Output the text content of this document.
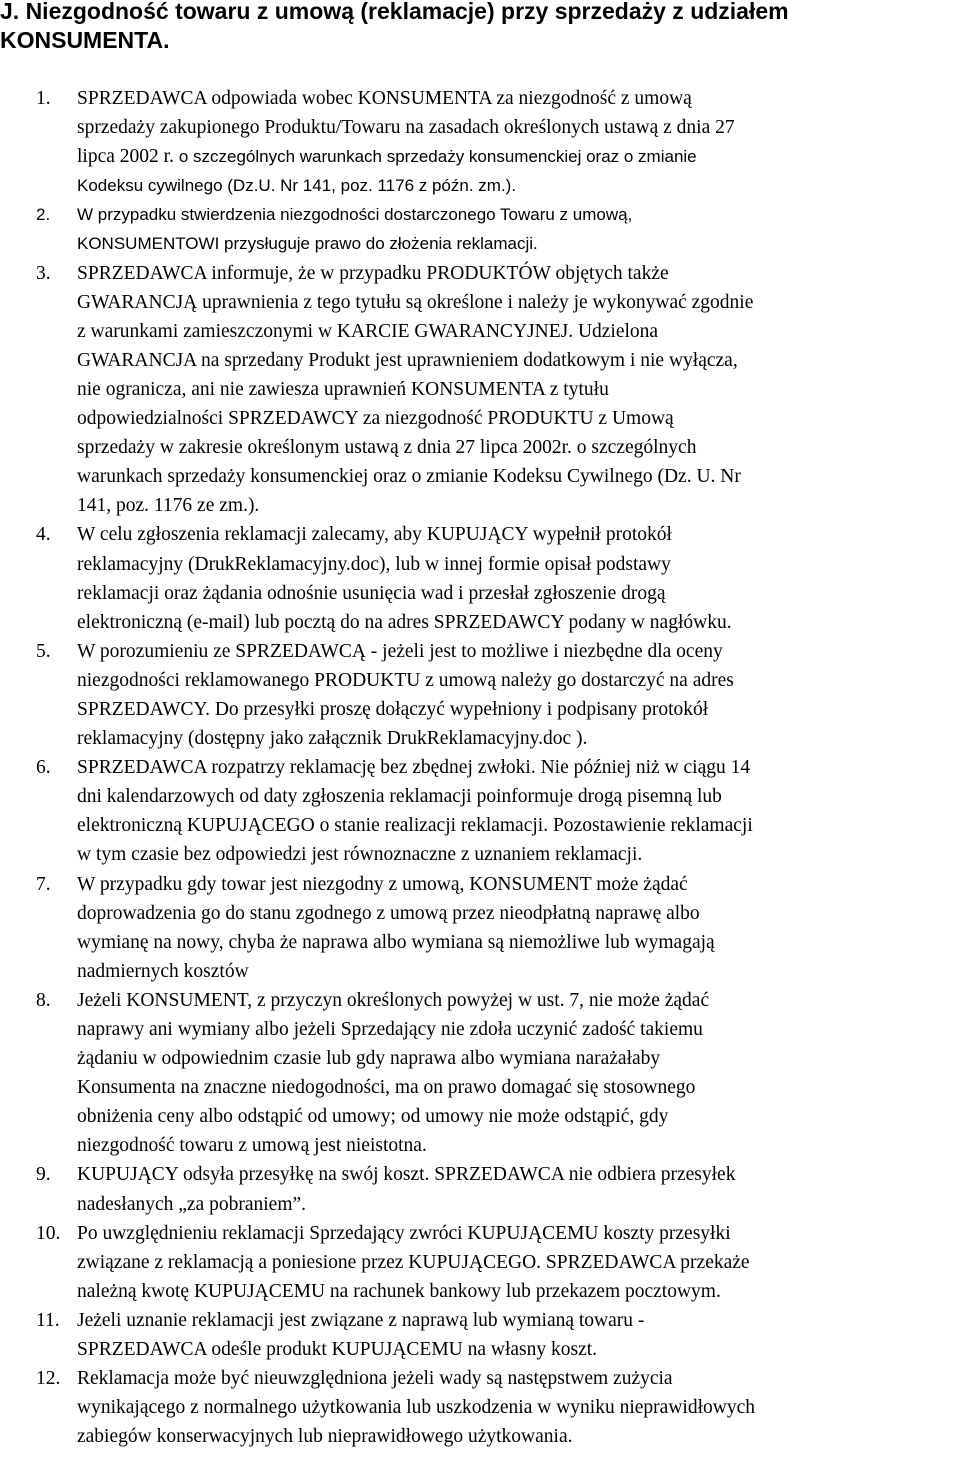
J. Niezgodność towaru z umową (reklamacje) przy sprzedaży z udziałem
KONSUMENTA.
1. SPRZEDAWCA odpowiada wobec KONSUMENTA za niezgodność z umową
sprzedaży zakupionego Produktu/Towaru na zasadach określonych ustawą z dnia 27
lipca 2002 r. o szczególnych warunkach sprzedaży konsumenckiej oraz o zmianie
Kodeksu cywilnego (Dz.U. Nr 141, poz. 1176 z późn. zm.).
2. W przypadku stwierdzenia niezgodności dostarczonego Towaru z umową,
KONSUMENTOWI przysługuje prawo do złożenia reklamacji.
3. SPRZEDAWCA informuje, że w przypadku PRODUKTÓW objętych także
GWARANCJĄ uprawnienia z tego tytułu są określone i należy je wykonywać zgodnie
z warunkami zamieszczonymi w KARCIE GWARANCYJNEJ. Udzielona
GWARANCJA na sprzedany Produkt jest uprawnieniem dodatkowym i nie wyłącza,
nie ogranicza, ani nie zawiesza uprawnień KONSUMENTA z tytułu
odpowiedzialności SPRZEDAWCY za niezgodność PRODUKTU z Umową
sprzedaży w zakresie określonym ustawą z dnia 27 lipca 2002r. o szczególnych
warunkach sprzedaży konsumenckiej oraz o zmianie Kodeksu Cywilnego (Dz. U. Nr
141, poz. 1176 ze zm.).
4. W celu zgłoszenia reklamacji zalecamy, aby KUPUJĄCY wypełnił protokół
reklamacyjny (DrukReklamacyjny.doc), lub w innej formie opisał podstawy
reklamacji oraz żądania odnośnie usunięcia wad i przesłał zgłoszenie drogą
elektroniczną (e-mail) lub pocztą do na adres SPRZEDAWCY podany w nagłówku.
5. W porozumieniu ze SPRZEDAWCĄ - jeżeli jest to możliwe i niezbędne dla oceny
niezgodności reklamowanego PRODUKTU z umową należy go dostarczyć na adres
SPRZEDAWCY. Do przesyłki proszę dołączyć wypełniony i podpisany protokół
reklamacyjny (dostępny jako załącznik DrukReklamacyjny.doc ).
6. SPRZEDAWCA rozpatrzy reklamację bez zbędnej zwłoki. Nie później niż w ciągu 14
dni kalendarzowych od daty zgłoszenia reklamacji poinformuje drogą pisemną lub
elektroniczną KUPUJĄCEGO o stanie realizacji reklamacji. Pozostawienie reklamacji
w tym czasie bez odpowiedzi jest równoznaczne z uznaniem reklamacji.
7. W przypadku gdy towar jest niezgodny z umową, KONSUMENT może żądać
doprowadzenia go do stanu zgodnego z umową przez nieodpłatną naprawę albo
wymianę na nowy, chyba że naprawa albo wymiana są niemożliwe lub wymagają
nadmiernych kosztów
8. Jeżeli KONSUMENT, z przyczyn określonych powyżej w ust. 7, nie może żądać
naprawy ani wymiany albo jeżeli Sprzedający nie zdoła uczynić zadość takiemu
żądaniu w odpowiednim czasie lub gdy naprawa albo wymiana narażałaby
Konsumenta na znaczne niedogodności, ma on prawo domagać się stosownego
obniżenia ceny albo odstąpić od umowy; od umowy nie może odstąpić, gdy
niezgodność towaru z umową jest nieistotna.
9. KUPUJĄCY odsyła przesyłkę na swój koszt. SPRZEDAWCA nie odbiera przesyłek
nadesłanych „za pobraniem”.
10. Po uwzględnieniu reklamacji Sprzedający zwróci KUPUJĄCEMU koszty przesyłki
związane z reklamacją a poniesione przez KUPUJĄCEGO. SPRZEDAWCA przekaże
należną kwotę KUPUJĄCEMU na rachunek bankowy lub przekazem pocztowym.
11. Jeżeli uznanie reklamacji jest związane z naprawą lub wymianą towaru -
SPRZEDAWCA odeśle produkt KUPUJĄCEMU na własny koszt.
12. Reklamacja może być nieuwzględniona jeżeli wady są następstwem zużycia
wynikającego z normalnego użytkowania lub uszkodzenia w wyniku nieprawidłowych
zabiegów konserwacyjnych lub nieprawidłowego użytkowania.
